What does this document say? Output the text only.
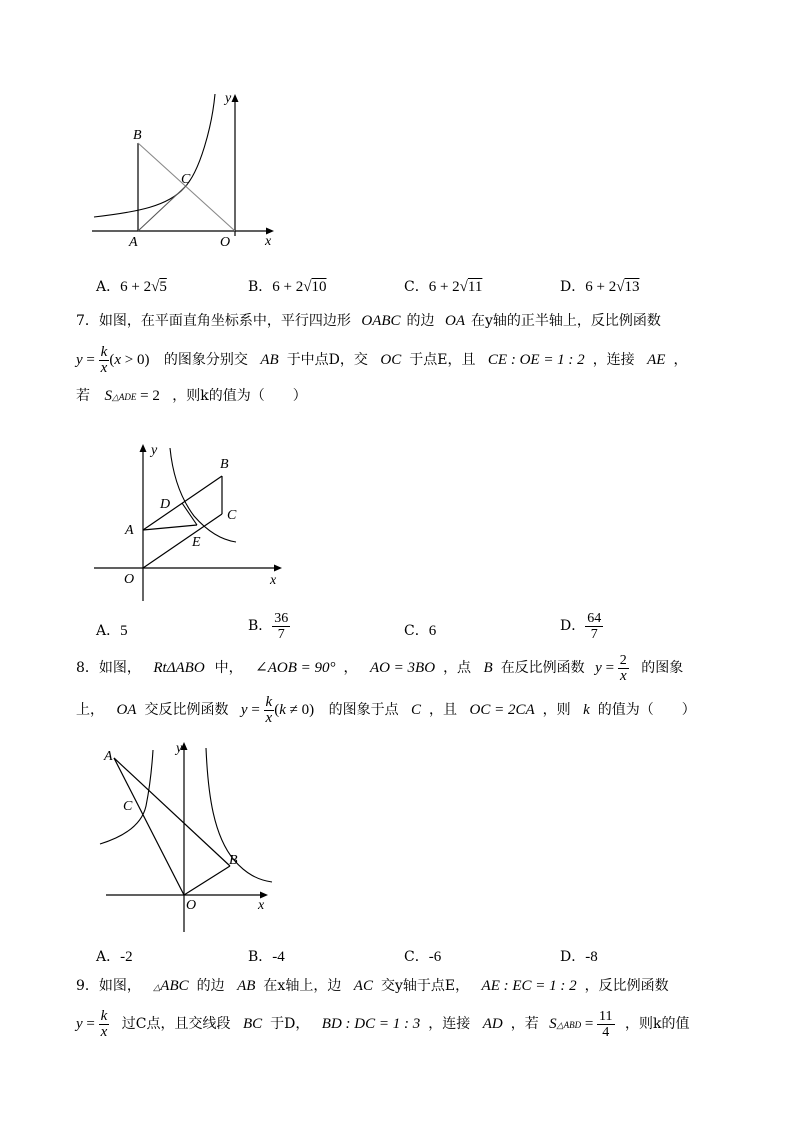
B
C
A	O x
y
A．6 + 2√5	B．6 + 2√10	C．6 + 2√11	D．6 + 2√13
7．如图，在平面直角坐标系中，平行四边形 OABC 的边 OA 在y轴的正半轴上，反比例函数
$y = \frac{k}{x} (x > 0)$ 的图象分别交 AB 于中点D，交 OC 于点E，且 CE : OE = 1 : 2 ，连接 AE ，
若 S△ADE = 2 ，则k的值为（　　）
y
B
D
C
A
E
O	x
A．5	B． $\frac{36}{7}$	C．6	D． $\frac{64}{7}$
8．如图， RtΔABO 中， ∠AOB = 90° ， AO = 3BO ，点 B 在反比例函数 $y = \frac{2}{x}$ 的图象
上， OA 交反比例函数 $y = \frac{k}{x} (k \ne 0)$ 的图象于点 C ，且 OC = 2CA ，则 k 的值为（　　）
A
y
C
B
O	x
A．-2	B．-4	C．-6	D．-8
9．如图， △ABC 的边 AB 在x轴上，边 AC 交y轴于点E， AE : EC = 1 : 2 ，反比例函数
$y = \frac{k}{x}$ 过C点，且交线段 BC 于D， BD : DC = 1 : 3 ，连接 AD ，若 S△ABD = $\frac{11}{4}$ ，则k的值
